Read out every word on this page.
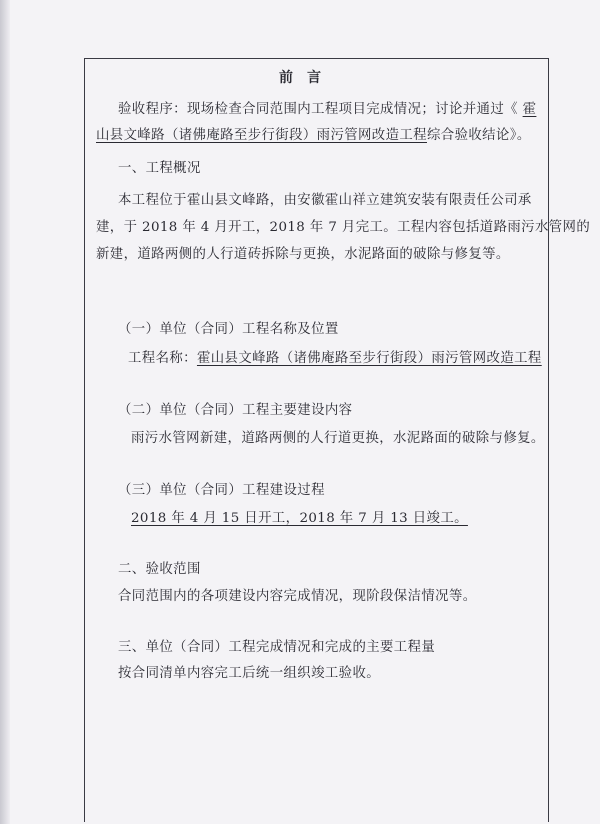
前　言
验收程序：现场检查合同范围内工程项目完成情况；讨论并通过《 霍
山县文峰路（诸佛庵路至步行街段）雨污管网改造工程综合验收结论》。
一、工程概况
本工程位于霍山县文峰路，由安徽霍山祥立建筑安装有限责任公司承
建，于 2018 年 4 月开工，2018 年 7 月完工。工程内容包括道路雨污水管网的
新建，道路两侧的人行道砖拆除与更换，水泥路面的破除与修复等。
（一）单位（合同）工程名称及位置
工程名称：霍山县文峰路（诸佛庵路至步行街段）雨污管网改造工程
（二）单位（合同）工程主要建设内容
雨污水管网新建，道路两侧的人行道更换，水泥路面的破除与修复。
（三）单位（合同）工程建设过程
2018 年 4 月 15 日开工，2018 年 7 月 13 日竣工。
二、验收范围
合同范围内的各项建设内容完成情况，现阶段保洁情况等。
三、单位（合同）工程完成情况和完成的主要工程量
按合同清单内容完工后统一组织竣工验收。
